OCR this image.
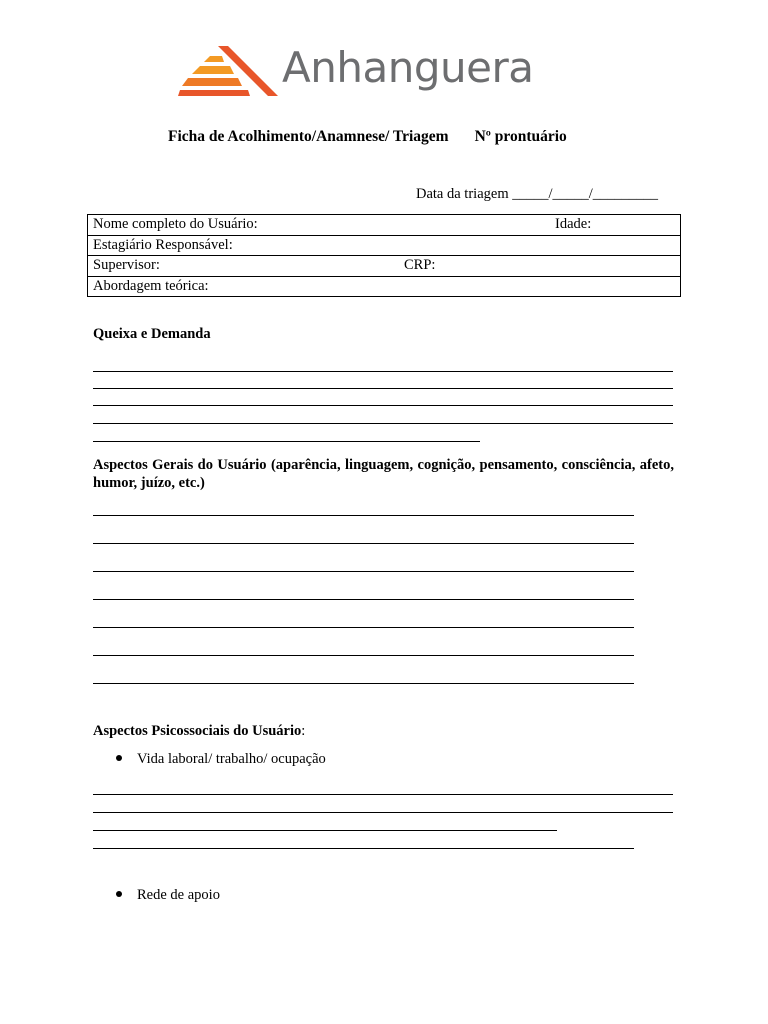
Anhanguera
Ficha de Acolhimento/Anamnese/ Triagem Nº prontuário
Data da triagem _____/_____/_________
Nome completo do Usuário:	Idade:
Estagiário Responsável:
Supervisor:	CRP:
Abordagem teórica:
Queixa e Demanda
Aspectos Gerais do Usuário (aparência, linguagem, cognição, pensamento, consciência, afeto, humor, juízo, etc.)
Aspectos Psicossociais do Usuário:
Vida laboral/ trabalho/ ocupação
Rede de apoio
